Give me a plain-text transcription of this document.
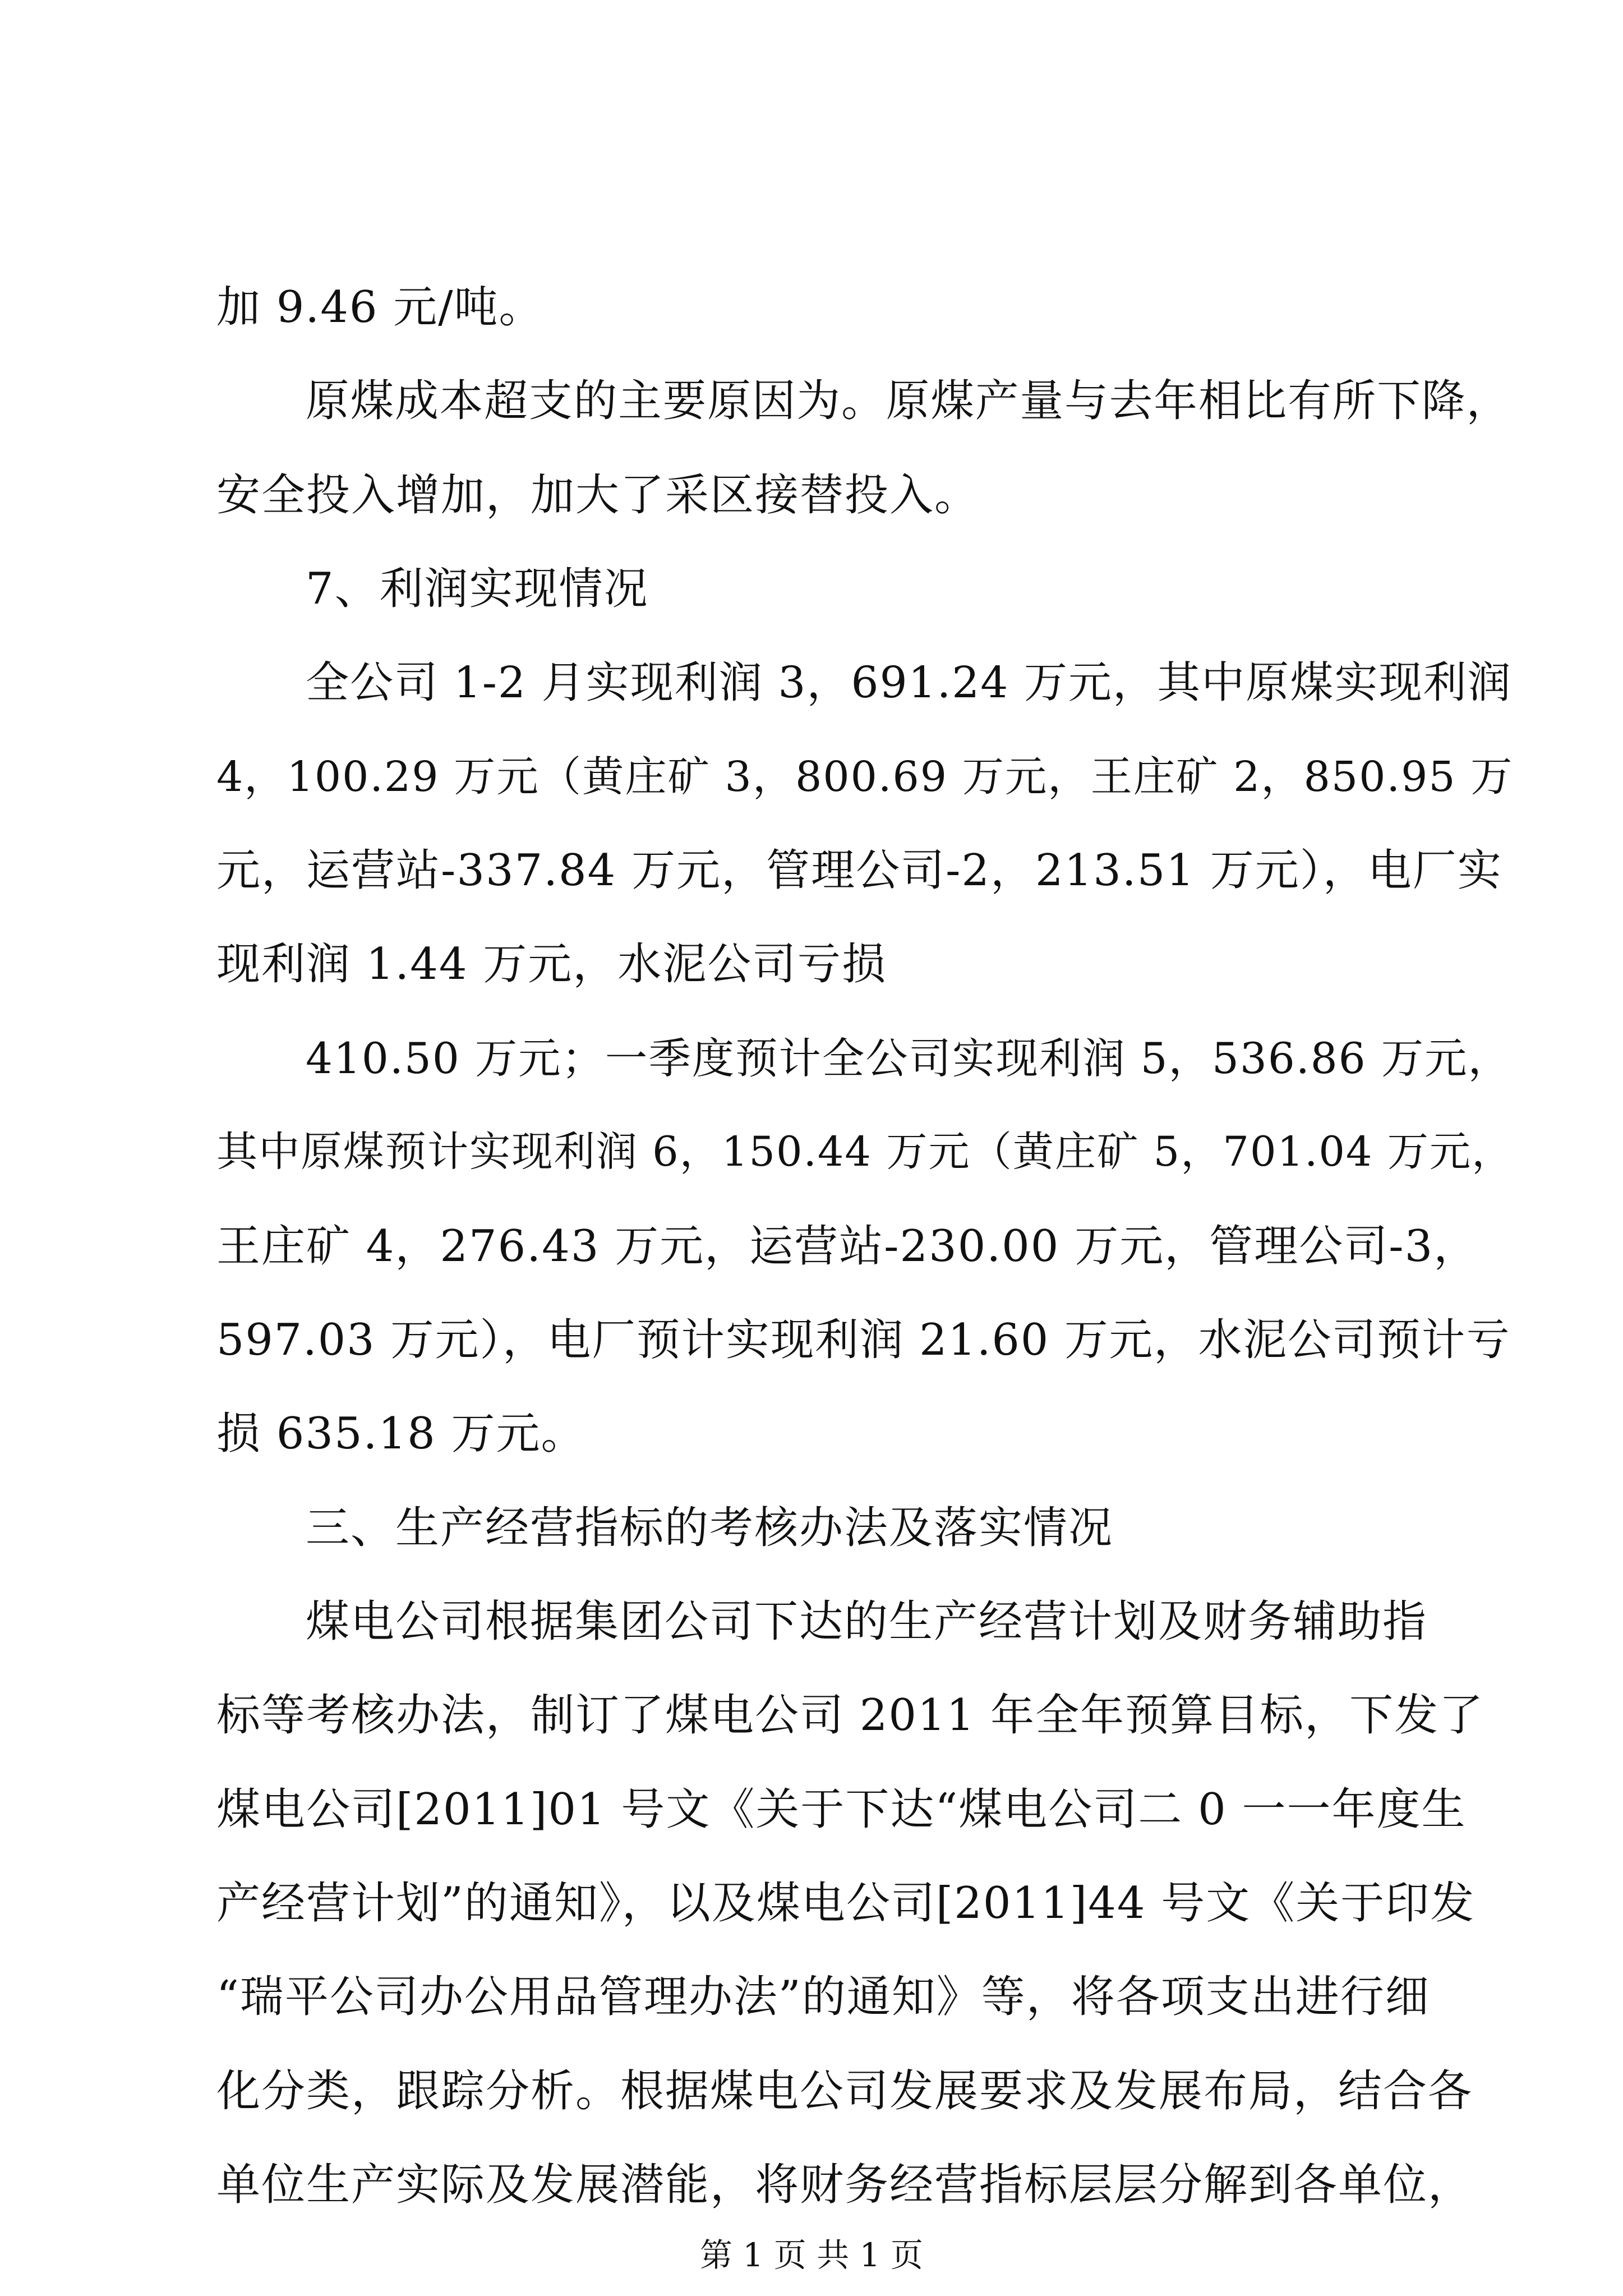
加 9.46 元/吨。
原煤成本超支的主要原因为。原煤产量与去年相比有所下降，
安全投入增加，加大了采区接替投入。
7、利润实现情况
全公司 1-2 月实现利润 3，691.24 万元，其中原煤实现利润
4，100.29 万元（黄庄矿 3，800.69 万元，王庄矿 2，850.95 万
元，运营站-337.84 万元，管理公司-2，213.51 万元），电厂实
现利润 1.44 万元，水泥公司亏损
410.50 万元；一季度预计全公司实现利润 5，536.86 万元，
其中原煤预计实现利润 6，150.44 万元（黄庄矿 5，701.04 万元，
王庄矿 4，276.43 万元，运营站-230.00 万元，管理公司-3，
597.03 万元），电厂预计实现利润 21.60 万元，水泥公司预计亏
损 635.18 万元。
三、生产经营指标的考核办法及落实情况
煤电公司根据集团公司下达的生产经营计划及财务辅助指
标等考核办法，制订了煤电公司 2011 年全年预算目标，下发了
煤电公司[2011]01 号文《关于下达“煤电公司二 0 一一年度生
产经营计划”的通知》，以及煤电公司[2011]44 号文《关于印发
“瑞平公司办公用品管理办法”的通知》等，将各项支出进行细
化分类，跟踪分析。根据煤电公司发展要求及发展布局，结合各
单位生产实际及发展潜能，将财务经营指标层层分解到各单位，
第 1 页 共 1 页
